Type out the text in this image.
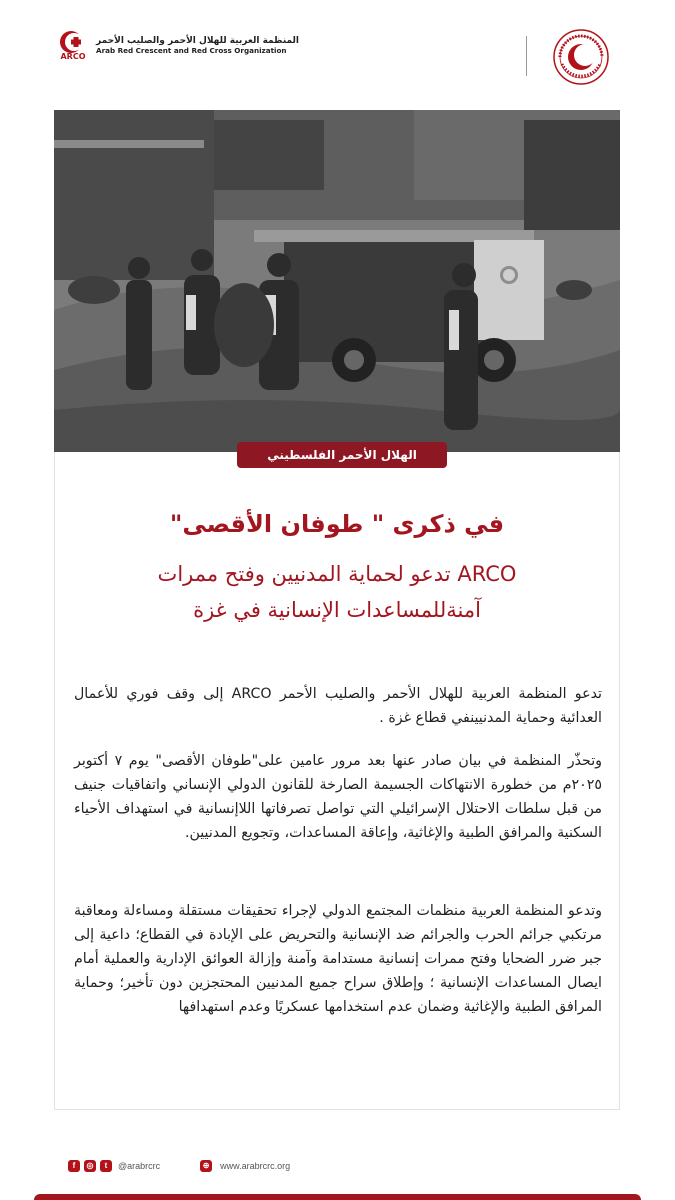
ARCO
المنظمة العربية للهلال الأحمر والصليب الأحمر
Arab Red Crescent and Red Cross Organization
الهلال الأحمر الفلسطيني
في ذكرى " طوفان الأقصى"
ARCO تدعو لحماية المدنيين وفتح ممرات
آمنةللمساعدات الإنسانية في غزة
تدعو المنظمة العربية للهلال الأحمر والصليب الأحمر ARCO إلى وقف فوري للأعمال العدائية وحماية المدنيينفي قطاع غزة .
وتحذّر المنظمة في بيان صادر عنها بعد مرور عامين على"طوفان الأقصى" يوم ٧ أكتوبر ٢٠٢٥م من خطورة الانتهاكات الجسيمة الصارخة للقانون الدولي الإنساني واتفاقيات جنيف من قبل سلطات الاحتلال الإسرائيلي التي تواصل تصرفاتها اللاإنسانية في استهداف الأحياء السكنية والمرافق الطبية والإغاثية، وإعاقة المساعدات، وتجويع المدنيين.
وتدعو المنظمة العربية منظمات المجتمع الدولي لإجراء تحقيقات مستقلة ومساءلة ومعاقبة مرتكبي جرائم الحرب والجرائم ضد الإنسانية والتحريض على الإبادة في القطاع؛ داعية إلى جبر ضرر الضحايا وفتح ممرات إنسانية مستدامة وآمنة وإزالة العوائق الإدارية والعملية أمام ايصال المساعدات الإنسانية ؛ وإطلاق سراح جميع المدنيين المحتجزين دون تأخير؛ وحماية المرافق الطبية والإغاثية وضمان عدم استخدامها عسكريًا وعدم استهدافها
f	◎	t	@arabrcrc	⊕ www.arabrcrc.org
